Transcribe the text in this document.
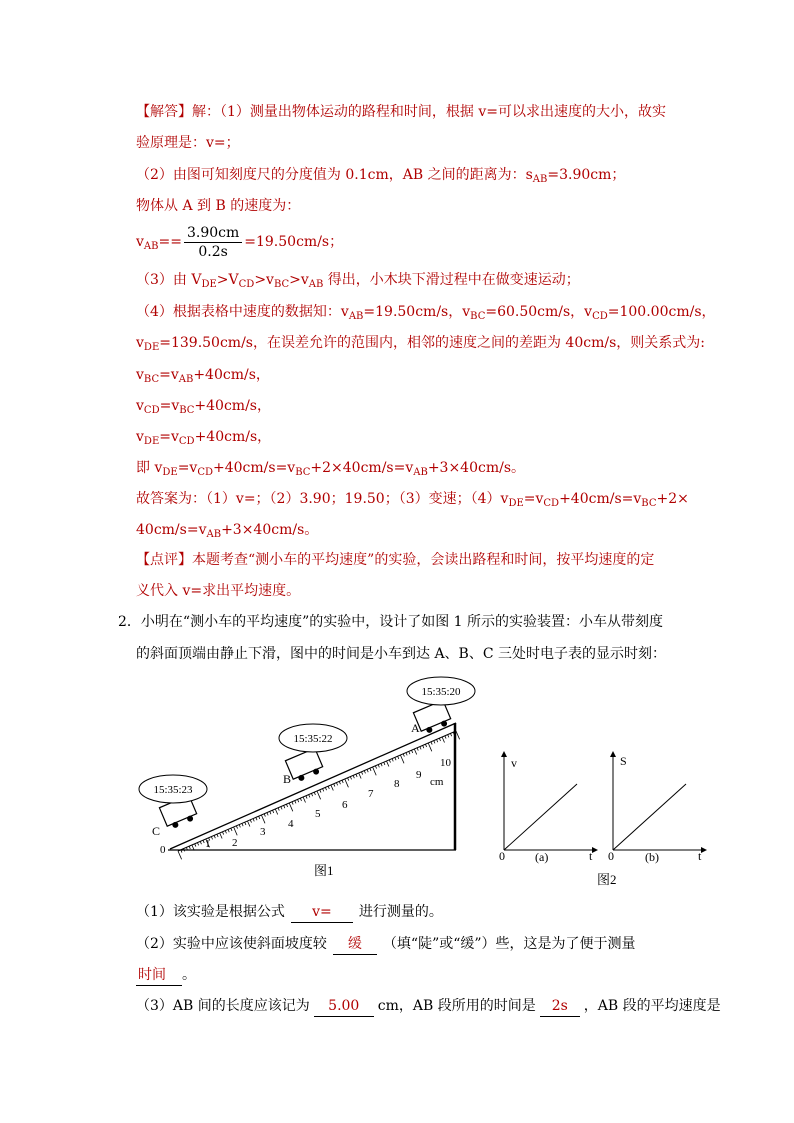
【解答】解：（1）测量出物体运动的路程和时间，根据 v=可以求出速度的大小，故实
验原理是：v=；
（2）由图可知刻度尺的分度值为 0.1cm，AB 之间的距离为：$s_{AB}=3.90cm$；
物体从 A 到 B 的速度为：
$v_{AB}== \frac{3.90cm}{0.2s} =19.50cm/s$；
（3）由 $V_{DE}>V_{CD}>v_{BC}>v_{AB}$ 得出，小木块下滑过程中在做变速运动；
（4）根据表格中速度的数据知：$v_{AB}=19.50cm/s$，$v_{BC}=60.50cm/s$，$v_{CD}=100.00cm/s$，
$v_{DE}=139.50cm/s$，在误差允许的范围内，相邻的速度之间的差距为 40cm/s，则关系式为:
$v_{BC}=v_{AB}+40cm/s$，
$v_{CD}=v_{BC}+40cm/s$，
$v_{DE}=v_{CD}+40cm/s$，
即 $v_{DE}=v_{CD}+40cm/s=v_{BC}+2\times 40cm/s=v_{AB}+3\times 40cm/s$。
故答案为：（1）v=；（2）3.90；19.50；（3）变速；$(4)v_{DE}=v_{CD}+40cm/s=v_{BC}+2\times$
$40cm/s=v_{AB}+3\times 40cm/s$。
【点评】本题考查“测小车的平均速度”的实验，会读出路程和时间，按平均速度的定
义代入 v=求出平均速度。
2．小明在“测小车的平均速度”的实验中，设计了如图 1 所示的实验装置：小车从带刻度
的斜面顶端由静止下滑，图中的时间是小车到达 A、B、C 三处时电子表的显示时刻：
1 2
3
4
5
6
7
8
9
10
cm
0
C
B
A
15:35:23
15:35:22
15:35:20
图1
v
t
0	(a)
S
t
0	(b)
图2
（1）该实验是根据公式 v= 进行测量的。
（2）实验中应该使斜面坡度较 缓 （填“陡”或“缓”）些，这是为了便于测量
时间 。
（3）AB 间的长度应该记为 5.00 cm，AB 段所用的时间是 2s ，AB 段的平均速度是
